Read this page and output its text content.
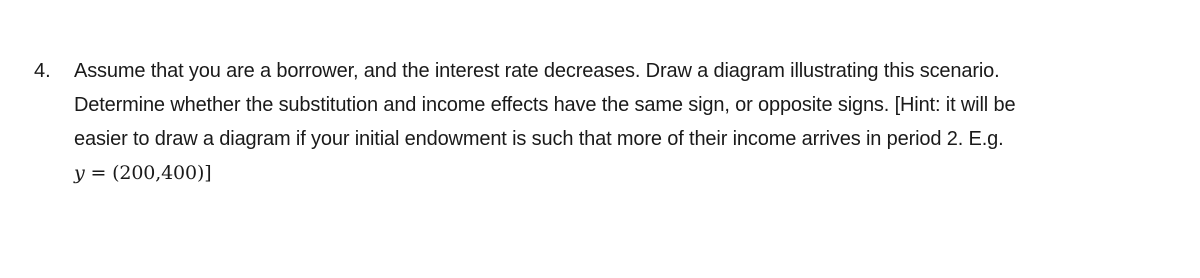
4.	Assume that you are a borrower, and the interest rate decreases. Draw a diagram illustrating this scenario.
Determine whether the substitution and income effects have the same sign, or opposite signs. [Hint: it will be
easier to draw a diagram if your initial endowment is such that more of their income arrives in period 2. E.g.
y = (200,400)]
